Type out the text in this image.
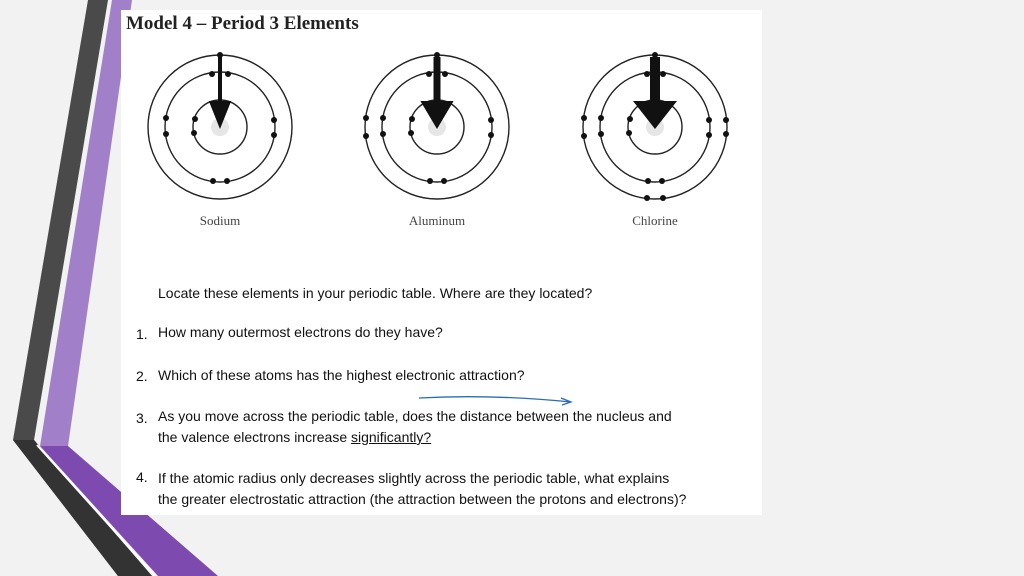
Model 4 – Period 3 Elements
Sodium	Aluminum	Chlorine
Locate these elements in your periodic table. Where are they located?
1. How many outermost electrons do they have?
2. Which of these atoms has the highest electronic attraction?
3. As you move across the periodic table, does the distance between the nucleus and
the valence electrons increase significantly?
4. If the atomic radius only decreases slightly across the periodic table, what explains
the greater electrostatic attraction (the attraction between the protons and electrons)?
